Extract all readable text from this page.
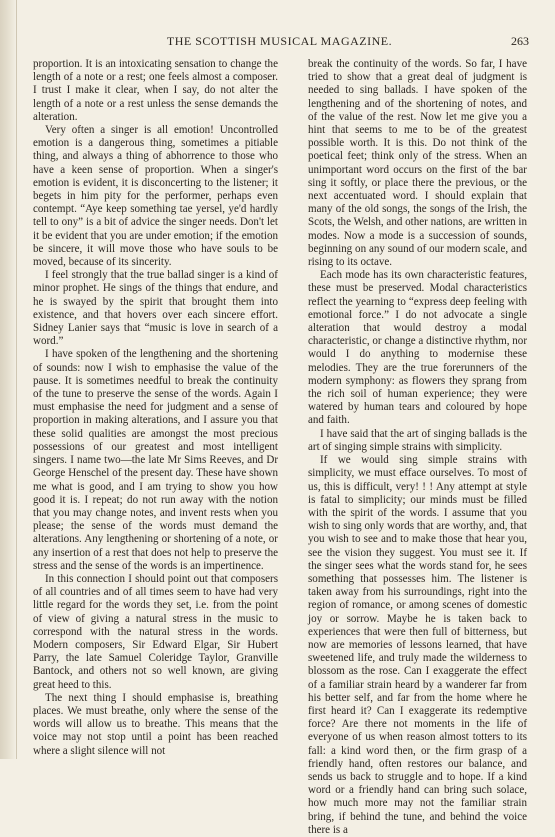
THE SCOTTISH MUSICAL MAGAZINE.	263

proportion. It is an intoxicating sensation to change the length of a note or a rest; one feels almost a composer. I trust I make it clear, when I say, do not alter the length of a note or a rest unless the sense demands the alteration.

Very often a singer is all emotion! Uncontrolled emotion is a dangerous thing, sometimes a pitiable thing, and always a thing of abhorrence to those who have a keen sense of proportion. When a singer's emotion is evident, it is disconcerting to the listener; it begets in him pity for the performer, perhaps even contempt. “Aye keep something tae yersel, ye'd hardly tell to ony” is a bit of advice the singer needs. Don't let it be evident that you are under emotion; if the emotion be sincere, it will move those who have souls to be moved, because of its sincerity.

I feel strongly that the true ballad singer is a kind of minor prophet. He sings of the things that endure, and he is swayed by the spirit that brought them into existence, and that hovers over each sincere effort. Sidney Lanier says that “music is love in search of a word.”

I have spoken of the lengthening and the shortening of sounds: now I wish to emphasise the value of the pause. It is sometimes needful to break the continuity of the tune to preserve the sense of the words. Again I must emphasise the need for judgment and a sense of proportion in making alterations, and I assure you that these solid qualities are amongst the most precious possessions of our greatest and most intelligent singers. I name two—the late Mr Sims Reeves, and Dr George Henschel of the present day. These have shown me what is good, and I am trying to show you how good it is. I repeat; do not run away with the notion that you may change notes, and invent rests when you please; the sense of the words must demand the alterations. Any lengthening or shortening of a note, or any insertion of a rest that does not help to preserve the stress and the sense of the words is an impertinence.

In this connection I should point out that composers of all countries and of all times seem to have had very little regard for the words they set, i.e. from the point of view of giving a natural stress in the music to correspond with the natural stress in the words. Modern composers, Sir Edward Elgar, Sir Hubert Parry, the late Samuel Coleridge Taylor, Granville Bantock, and others not so well known, are giving great heed to this.

The next thing I should emphasise is, breathing places. We must breathe, only where the sense of the words will allow us to breathe. This means that the voice may not stop until a point has been reached where a slight silence will not

break the continuity of the words. So far, I have tried to show that a great deal of judgment is needed to sing ballads. I have spoken of the lengthening and of the shortening of notes, and of the value of the rest. Now let me give you a hint that seems to me to be of the greatest possible worth. It is this. Do not think of the poetical feet; think only of the stress. When an unimportant word occurs on the first of the bar sing it softly, or place there the previous, or the next accentuated word. I should explain that many of the old songs, the songs of the Irish, the Scots, the Welsh, and other nations, are written in modes. Now a mode is a succession of sounds, beginning on any sound of our modern scale, and rising to its octave.

Each mode has its own characteristic features, these must be preserved. Modal characteristics reflect the yearning to “express deep feeling with emotional force.” I do not advocate a single alteration that would destroy a modal characteristic, or change a distinctive rhythm, nor would I do anything to modernise these melodies. They are the true forerunners of the modern symphony: as flowers they sprang from the rich soil of human experience; they were watered by human tears and coloured by hope and faith.

I have said that the art of singing ballads is the art of singing simple strains with simplicity.

If we would sing simple strains with simplicity, we must efface ourselves. To most of us, this is difficult, very! ! ! Any attempt at style is fatal to simplicity; our minds must be filled with the spirit of the words. I assume that you wish to sing only words that are worthy, and, that you wish to see and to make those that hear you, see the vision they suggest. You must see it. If the singer sees what the words stand for, he sees something that possesses him. The listener is taken away from his surroundings, right into the region of romance, or among scenes of domestic joy or sorrow. Maybe he is taken back to experiences that were then full of bitterness, but now are memories of lessons learned, that have sweetened life, and truly made the wilderness to blossom as the rose. Can I exaggerate the effect of a familiar strain heard by a wanderer far from his better self, and far from the home where he first heard it? Can I exaggerate its redemptive force? Are there not moments in the life of everyone of us when reason almost totters to its fall: a kind word then, or the firm grasp of a friendly hand, often restores our balance, and sends us back to struggle and to hope. If a kind word or a friendly hand can bring such solace, how much more may not the familiar strain bring, if behind the tune, and behind the voice there is a
